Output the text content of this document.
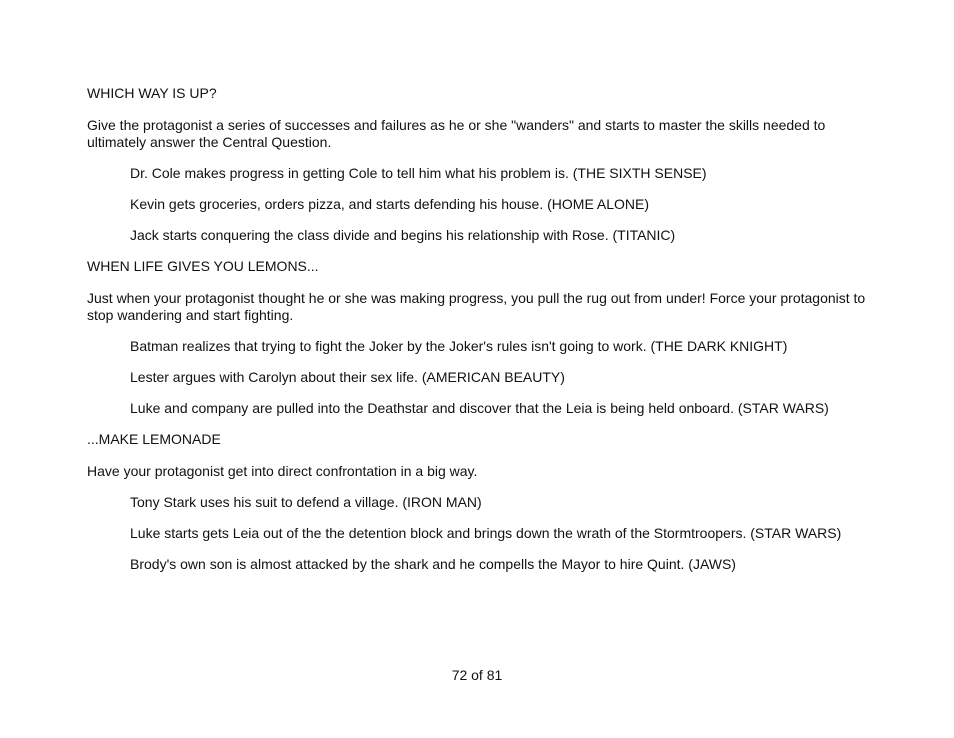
WHICH WAY IS UP?

Give the protagonist a series of successes and failures as he or she "wanders" and starts to master the skills needed to ultimately answer the Central Question.

Dr. Cole makes progress in getting Cole to tell him what his problem is. (THE SIXTH SENSE)

Kevin gets groceries, orders pizza, and starts defending his house. (HOME ALONE)

Jack starts conquering the class divide and begins his relationship with Rose. (TITANIC)

WHEN LIFE GIVES YOU LEMONS...

Just when your protagonist thought he or she was making progress, you pull the rug out from under! Force your protagonist to stop wandering and start fighting.

Batman realizes that trying to fight the Joker by the Joker's rules isn't going to work. (THE DARK KNIGHT)

Lester argues with Carolyn about their sex life. (AMERICAN BEAUTY)

Luke and company are pulled into the Deathstar and discover that the Leia is being held onboard. (STAR WARS)

...MAKE LEMONADE

Have your protagonist get into direct confrontation in a big way.

Tony Stark uses his suit to defend a village. (IRON MAN)

Luke starts gets Leia out of the the detention block and brings down the wrath of the Stormtroopers. (STAR WARS)

Brody's own son is almost attacked by the shark and he compells the Mayor to hire Quint. (JAWS)

72 of 81
